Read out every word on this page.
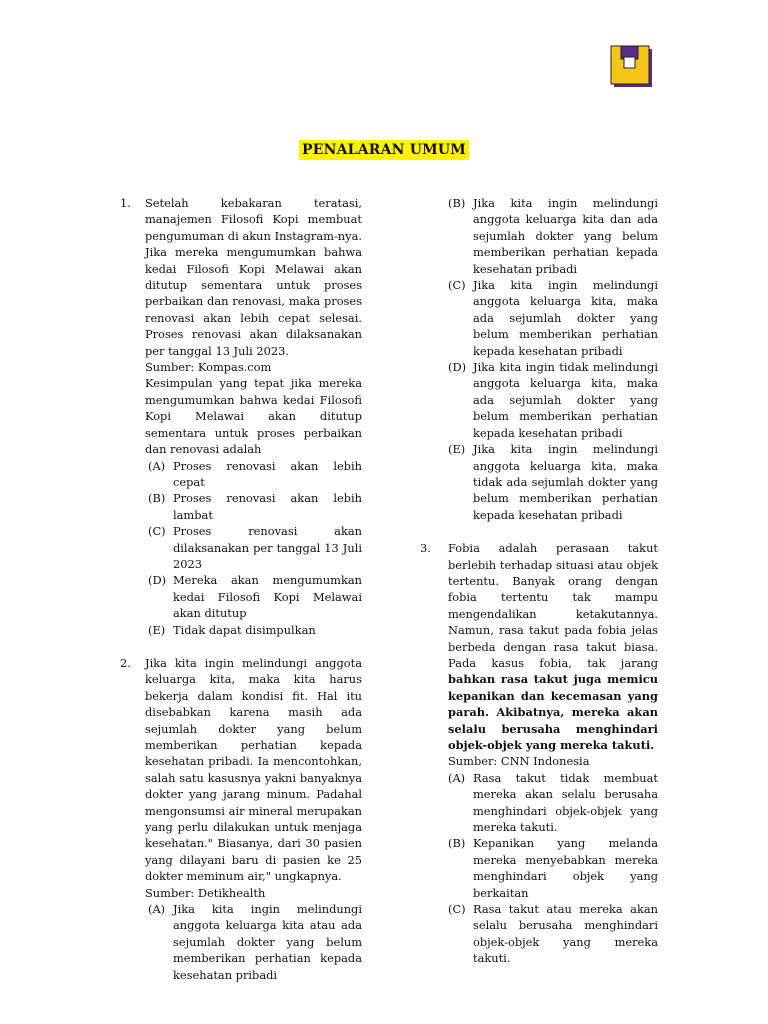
PENALARAN UMUM
1. Setelah kebakaran teratasi, manajemen Filosofi Kopi membuat pengumuman di akun Instagram-nya. Jika mereka mengumumkan bahwa kedai Filosofi Kopi Melawai akan ditutup sementara untuk proses perbaikan dan renovasi, maka proses renovasi akan lebih cepat selesai. Proses renovasi akan dilaksanakan per tanggal 13 Juli 2023.

Sumber: Kompas.com

Kesimpulan yang tepat jika mereka mengumumkan bahwa kedai Filosofi Kopi Melawai akan ditutup sementara untuk proses perbaikan dan renovasi adalah

(A) Proses renovasi akan lebih cepat
(B) Proses renovasi akan lebih lambat
(C) Proses renovasi akan dilaksanakan per tanggal 13 Juli 2023
(D) Mereka akan mengumumkan kedai Filosofi Kopi Melawai akan ditutup
(E) Tidak dapat disimpulkan
2. Jika kita ingin melindungi anggota keluarga kita, maka kita harus bekerja dalam kondisi fit. Hal itu disebabkan karena masih ada sejumlah dokter yang belum memberikan perhatian kepada kesehatan pribadi. Ia mencontohkan, salah satu kasusnya yakni banyaknya dokter yang jarang minum. Padahal mengonsumsi air mineral merupakan yang perlu dilakukan untuk menjaga kesehatan." Biasanya, dari 30 pasien yang dilayani baru di pasien ke 25 dokter meminum air," ungkapnya.

Sumber: Detikhealth

(A) Jika kita ingin melindungi anggota keluarga kita atau ada sejumlah dokter yang belum memberikan perhatian kepada kesehatan pribadi
(B) Jika kita ingin melindungi anggota keluarga kita dan ada sejumlah dokter yang belum memberikan perhatian kepada kesehatan pribadi
(C) Jika kita ingin melindungi anggota keluarga kita, maka ada sejumlah dokter yang belum memberikan perhatian kepada kesehatan pribadi
(D) Jika kita ingin tidak melindungi anggota keluarga kita, maka ada sejumlah dokter yang belum memberikan perhatian kepada kesehatan pribadi
(E) Jika kita ingin melindungi anggota keluarga kita, maka tidak ada sejumlah dokter yang belum memberikan perhatian kepada kesehatan pribadi
3. Fobia adalah perasaan takut berlebih terhadap situasi atau objek tertentu. Banyak orang dengan fobia tertentu tak mampu mengendalikan ketakutannya. Namun, rasa takut pada fobia jelas berbeda dengan rasa takut biasa. Pada kasus fobia, tak jarang bahkan rasa takut juga memicu kepanikan dan kecemasan yang parah. Akibatnya, mereka akan selalu berusaha menghindari objek-objek yang mereka takuti.

Sumber: CNN Indonesia

(A) Rasa takut tidak membuat mereka akan selalu berusaha menghindari objek-objek yang mereka takuti.
(B) Kepanikan yang melanda mereka menyebabkan mereka menghindari objek yang berkaitan
(C) Rasa takut atau mereka akan selalu berusaha menghindari objek-objek yang mereka takuti.
